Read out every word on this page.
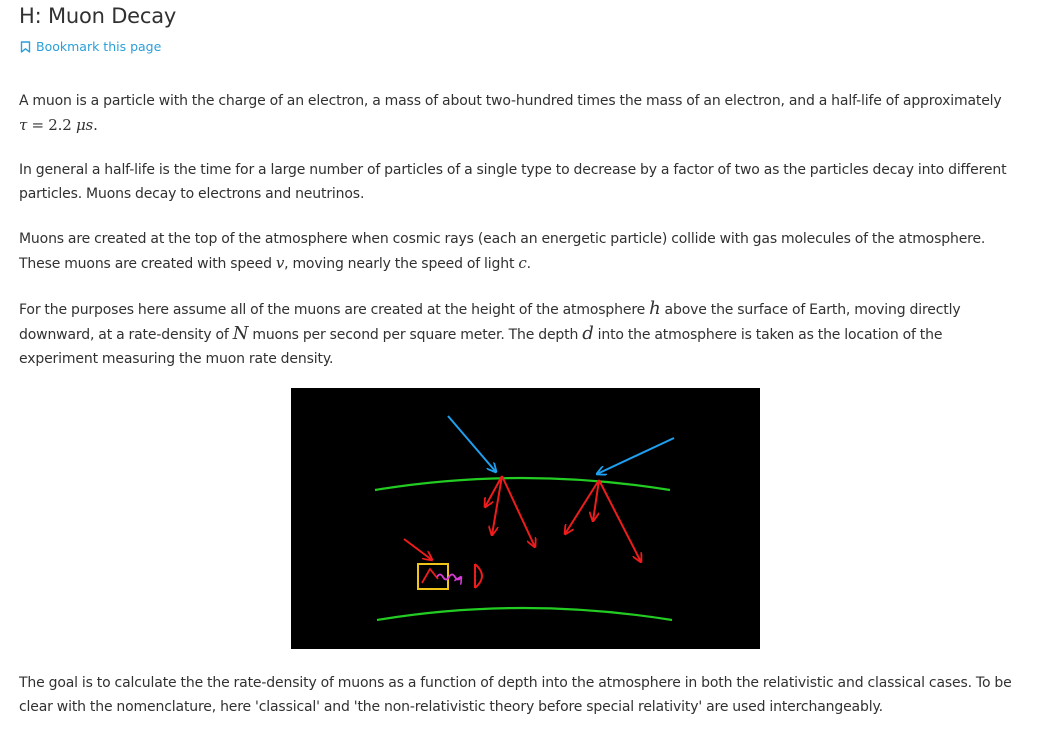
H: Muon Decay
Bookmark this page

A muon is a particle with the charge of an electron, a mass of about two-hundred times the mass of an electron, and a half-life of approximately
τ = 2.2 μs.

In general a half-life is the time for a large number of particles of a single type to decrease by a factor of two as the particles decay into different particles. Muons decay to electrons and neutrinos.

Muons are created at the top of the atmosphere when cosmic rays (each an energetic particle) collide with gas molecules of the atmosphere. These muons are created with speed v, moving nearly the speed of light c.

For the purposes here assume all of the muons are created at the height of the atmosphere h above the surface of Earth, moving directly downward, at a rate-density of N muons per second per square meter. The depth d into the atmosphere is taken as the location of the experiment measuring the muon rate density.

The goal is to calculate the the rate-density of muons as a function of depth into the atmosphere in both the relativistic and classical cases. To be clear with the nomenclature, here 'classical' and 'the non-relativistic theory before special relativity' are used interchangeably.
